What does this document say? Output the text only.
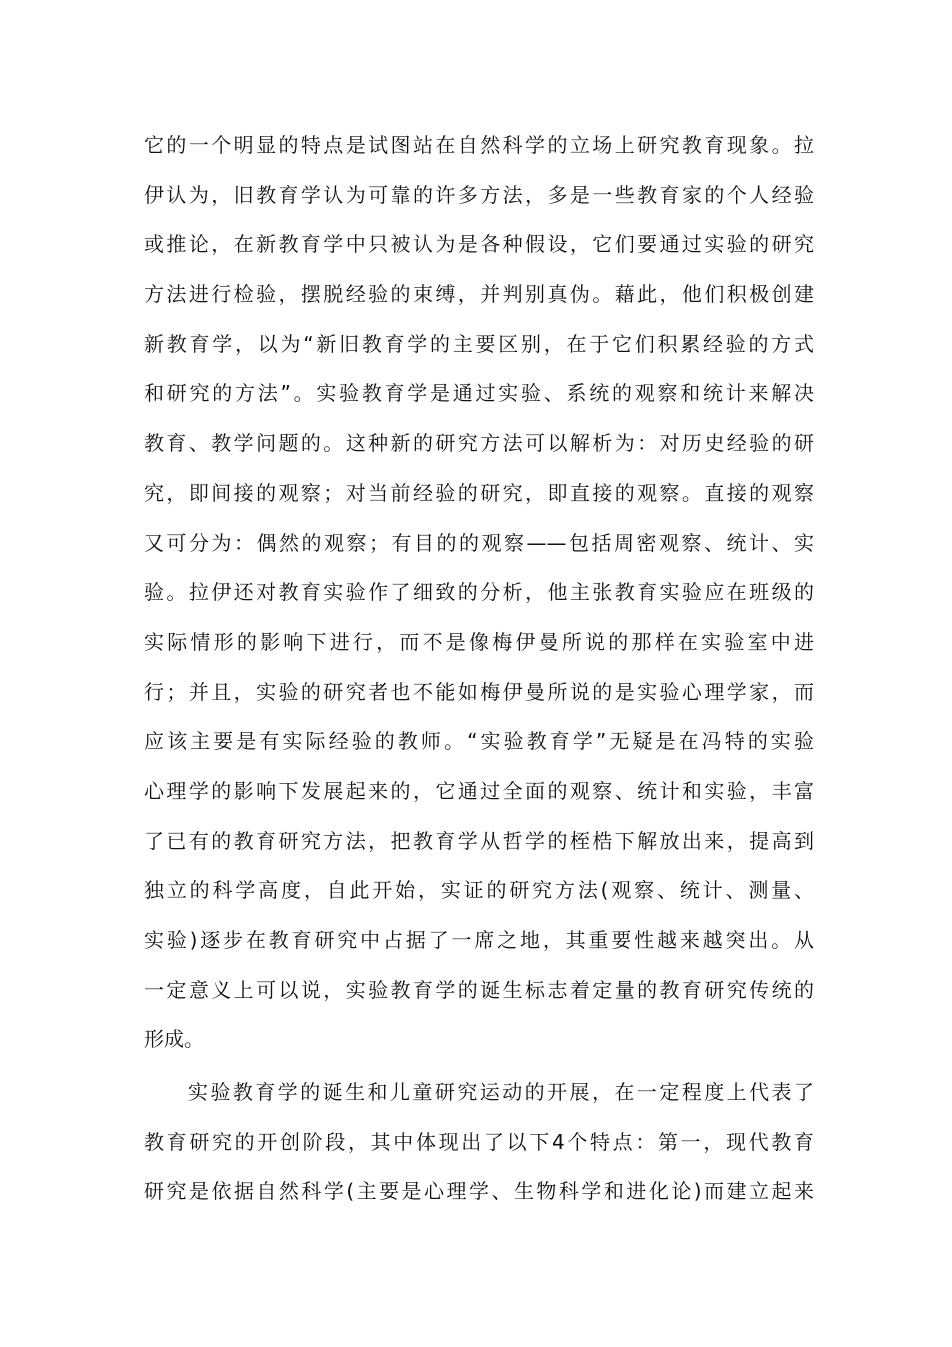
它的一个明显的特点是试图站在自然科学的立场上研究教育现象。拉
伊认为，旧教育学认为可靠的许多方法，多是一些教育家的个人经验
或推论，在新教育学中只被认为是各种假设，它们要通过实验的研究
方法进行检验，摆脱经验的束缚，并判别真伪。藉此，他们积极创建
新教育学，以为“新旧教育学的主要区别，在于它们积累经验的方式
和研究的方法”。实验教育学是通过实验、系统的观察和统计来解决
教育、教学问题的。这种新的研究方法可以解析为：对历史经验的研
究，即间接的观察；对当前经验的研究，即直接的观察。直接的观察
又可分为：偶然的观察；有目的的观察——包括周密观察、统计、实
验。拉伊还对教育实验作了细致的分析，他主张教育实验应在班级的
实际情形的影响下进行，而不是像梅伊曼所说的那样在实验室中进
行；并且，实验的研究者也不能如梅伊曼所说的是实验心理学家，而
应该主要是有实际经验的教师。“实验教育学”无疑是在冯特的实验
心理学的影响下发展起来的，它通过全面的观察、统计和实验，丰富
了已有的教育研究方法，把教育学从哲学的桎梏下解放出来，提高到
独立的科学高度，自此开始，实证的研究方法(观察、统计、测量、
实验)逐步在教育研究中占据了一席之地，其重要性越来越突出。从
一定意义上可以说，实验教育学的诞生标志着定量的教育研究传统的
形成。
实验教育学的诞生和儿童研究运动的开展，在一定程度上代表了
教育研究的开创阶段，其中体现出了以下4个特点：第一，现代教育
研究是依据自然科学(主要是心理学、生物科学和进化论)而建立起来
